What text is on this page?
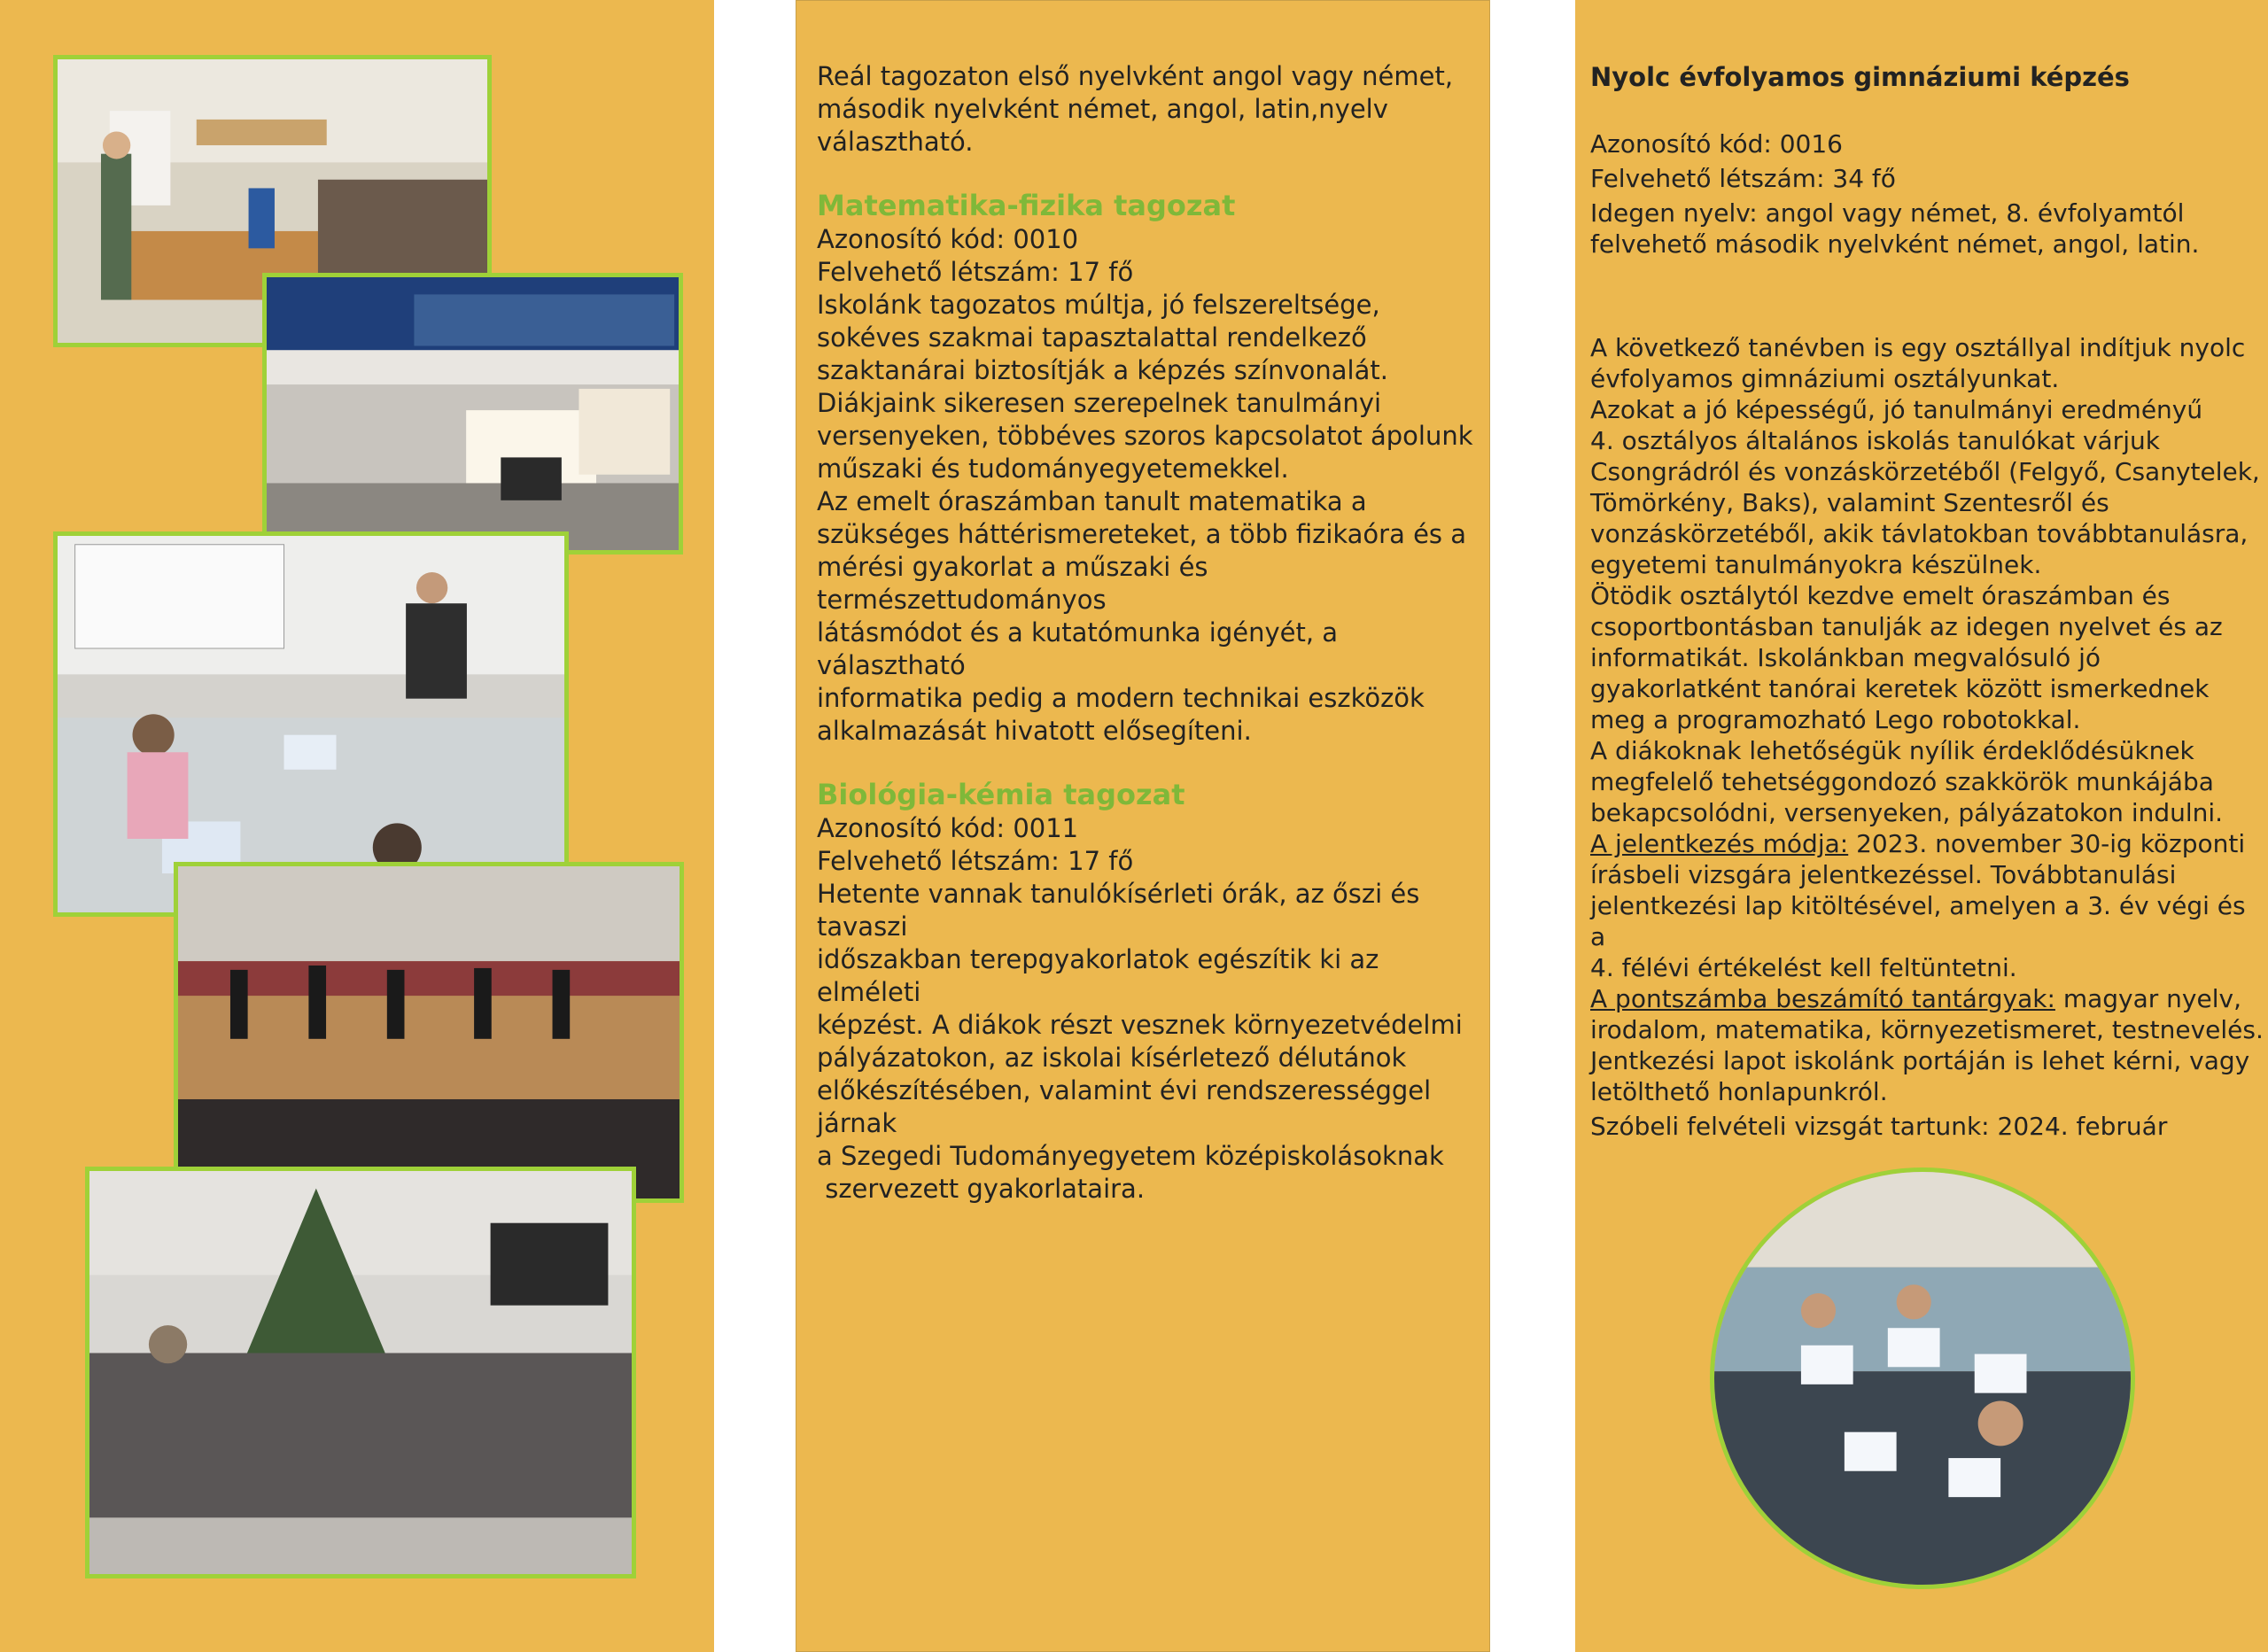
Reál tagozaton első nyelvként angol vagy német,

második nyelvként német, angol, latin,nyelv

választható.

Matematika-fizika tagozat

Azonosító kód: 0010

Felvehető létszám: 17 fő

Iskolánk tagozatos múltja, jó felszereltsége,

sokéves szakmai tapasztalattal rendelkező

szaktanárai biztosítják a képzés színvonalát.

Diákjaink sikeresen szerepelnek tanulmányi

versenyeken, többéves szoros kapcsolatot ápolunk

műszaki és tudományegyetemekkel.

Az emelt óraszámban tanult matematika a

szükséges háttérismereteket, a több fizikaóra és a

mérési gyakorlat a műszaki és természettudományos

látásmódot és a kutatómunka igényét, a választható

informatika pedig a modern technikai eszközök

alkalmazását hivatott elősegíteni.

Biológia-kémia tagozat

Azonosító kód: 0011

Felvehető létszám: 17 fő

Hetente vannak tanulókísérleti órák, az őszi és tavaszi

időszakban terepgyakorlatok egészítik ki az elméleti

képzést. A diákok részt vesznek környezetvédelmi

pályázatokon, az iskolai kísérletező délutánok

előkészítésében, valamint évi rendszerességgel járnak

a Szegedi Tudományegyetem középiskolásoknak

szervezett gyakorlataira.

Nyolc évfolyamos gimnáziumi képzés

Azonosító kód: 0016

Felvehető létszám: 34 fő

Idegen nyelv: angol vagy német, 8. évfolyamtól

felvehető második nyelvként német, angol, latin.

A következő tanévben is egy osztállyal indítjuk nyolc

évfolyamos gimnáziumi osztályunkat.

Azokat a jó képességű, jó tanulmányi eredményű

4. osztályos általános iskolás tanulókat várjuk

Csongrádról és vonzáskörzetéből (Felgyő, Csanytelek,

Tömörkény, Baks), valamint Szentesről és

vonzáskörzetéből, akik távlatokban továbbtanulásra,

egyetemi tanulmányokra készülnek.

Ötödik osztálytól kezdve emelt óraszámban és

csoportbontásban tanulják az idegen nyelvet és az

informatikát. Iskolánkban megvalósuló jó

gyakorlatként tanórai keretek között ismerkednek

meg a programozható Lego robotokkal.

A diákoknak lehetőségük nyílik érdeklődésüknek

megfelelő tehetséggondozó szakkörök munkájába

bekapcsolódni, versenyeken, pályázatokon indulni.

A jelentkezés módja: 2023. november 30-ig központi

írásbeli vizsgára jelentkezéssel. Továbbtanulási

jelentkezési lap kitöltésével, amelyen a 3. év végi és a

4. félévi értékelést kell feltüntetni.

A pontszámba beszámító tantárgyak: magyar nyelv,

irodalom, matematika, környezetismeret, testnevelés.

Jentkezési lapot iskolánk portáján is lehet kérni, vagy

letölthető honlapunkról.

Szóbeli felvételi vizsgát tartunk: 2024. február
